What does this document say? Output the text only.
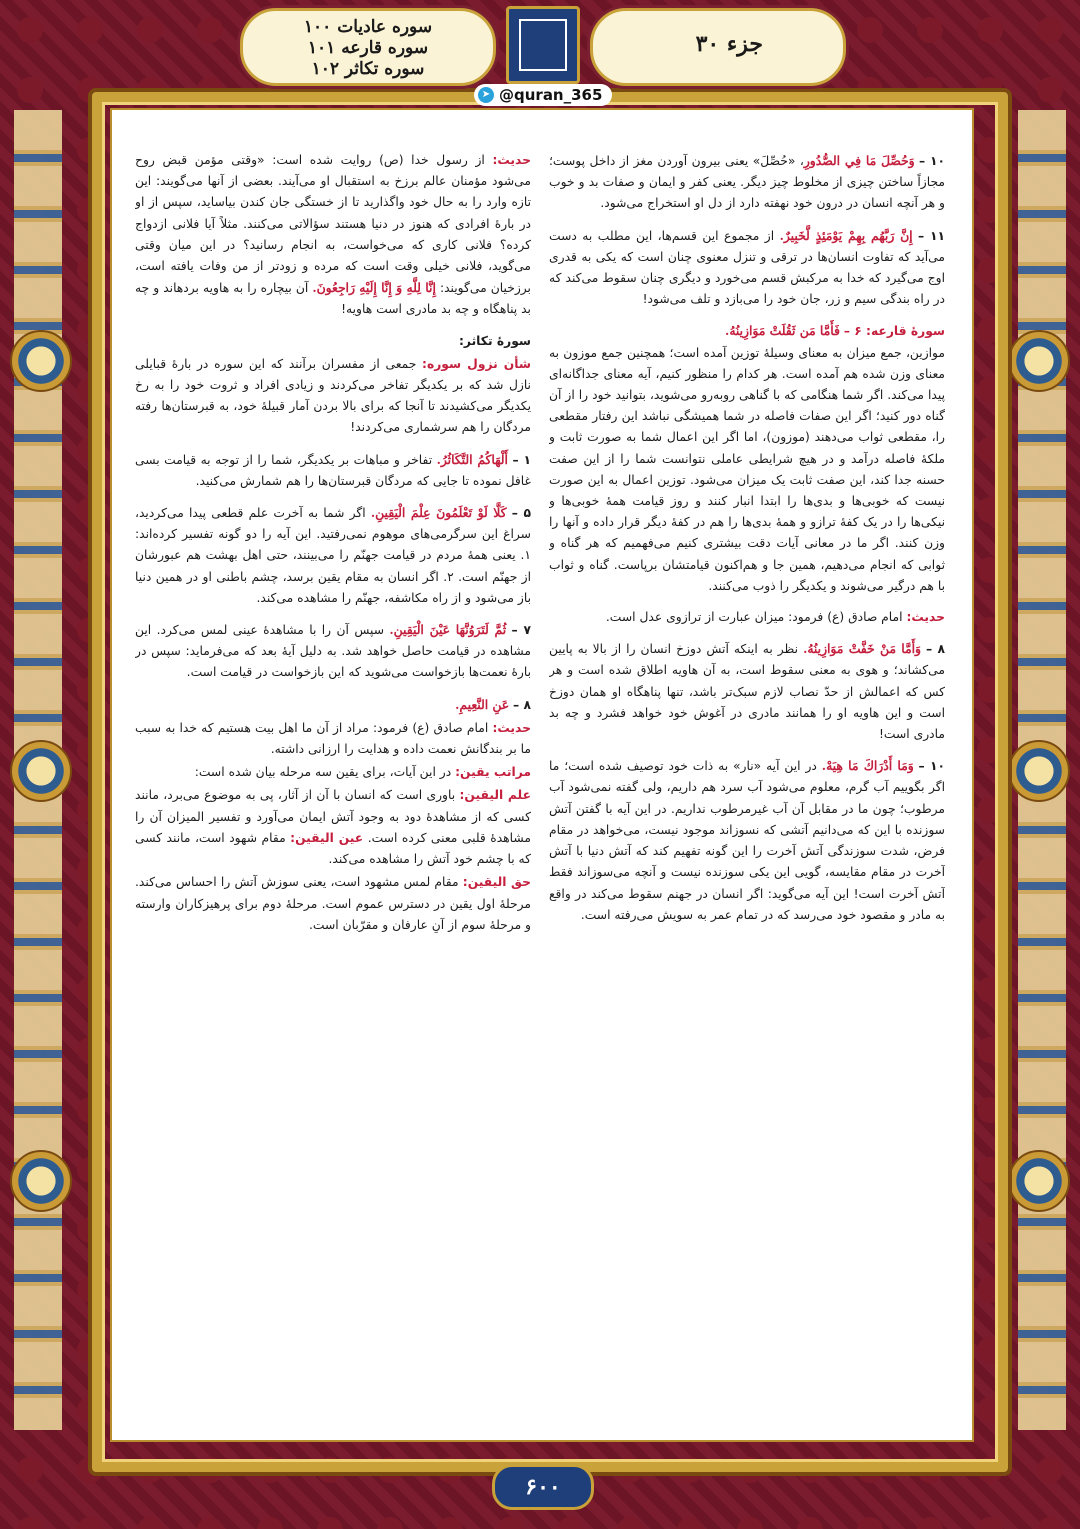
سوره عادیات ۱۰۰
سوره قارعه ۱۰۱
سوره تکاثر ۱۰۲
جزء ۳۰
➤ @quran_365

۱۰ – وَحُصِّلَ مَا فِي الصُّدُورِ، «حُصِّلَ» یعنی بیرون آوردن مغز از داخل پوست؛ مجازاً ساختن چیزی از مخلوط چیز دیگر. یعنی کفر و ایمان و صفات بد و خوب و هر آنچه انسان در درون خود نهفته دارد از دل او استخراج می‌شود.

۱۱ – إِنَّ رَبَّهُم بِهِمْ يَوْمَئِذٍ لَّخَبِيرٌ. از مجموع این قسم‌ها، این مطلب به دست می‌آید که تفاوت انسان‌ها در ترقی و تنزل معنوی چنان است که یکی به قدری اوج می‌گیرد که خدا به مرکبش قسم می‌خورد و دیگری چنان سقوط می‌کند که در راه بندگی سیم و زر، جان خود را می‌بازد و تلف می‌شود!

سورهٔ قارعه: ۶ – فَأَمَّا مَن ثَقُلَتْ مَوَازِينُهُ.
موازین، جمع میزان به معنای وسیلهٔ توزین آمده است؛ همچنین جمع موزون به معنای وزن شده هم آمده است. هر کدام را منظور کنیم، آیه معنای جداگانه‌ای پیدا می‌کند. اگر شما هنگامی که با گناهی روبه‌رو می‌شوید، بتوانید خود را از آن گناه دور کنید؛ اگر این صفات فاصله در شما همیشگی نباشد این رفتار مقطعی را، مقطعی ثواب می‌دهند (موزون)، اما اگر این اعمال شما به صورت ثابت و ملکهٔ فاصله درآمد و در هیچ شرایطی عاملی نتوانست شما را از این صفت حسنه جدا کند، این صفت ثابت یک میزان می‌شود. توزین اعمال به این صورت نیست که خوبی‌ها و بدی‌ها را ابتدا انبار کنند و روز قیامت همهٔ خوبی‌ها و نیکی‌ها را در یک کفهٔ ترازو و همهٔ بدی‌ها را هم در کفهٔ دیگر قرار داده و آنها را وزن کنند. اگر ما در معانی آیات دقت بیشتری کنیم می‌فهمیم که هر گناه و ثوابی که انجام می‌دهیم، همین جا و هم‌اکنون قیامتشان برپاست. گناه و ثواب با هم درگیر می‌شوند و یکدیگر را ذوب می‌کنند.

حدیث: امام صادق (ع) فرمود: میزان عبارت از ترازوی عدل است.

۸ – وَأَمَّا مَنْ خَفَّتْ مَوَازِينُهُ. نظر به اینکه آتش دوزخ انسان را از بالا به پایین می‌کشاند؛ و هوی به معنی سقوط است، به آن هاویه اطلاق شده است و هر کس که اعمالش از حدّ نصاب لازم سبک‌تر باشد، تنها پناهگاه او همان دوزخ است و این هاویه او را همانند مادری در آغوش خود خواهد فشرد و چه بد مادری است!

۱۰ – وَمَا أَدْرَاكَ مَا هِيَهْ. در این آیه «نار» به ذات خود توصیف شده است؛ ما اگر بگوییم آب گرم، معلوم می‌شود آب سرد هم داریم، ولی گفته نمی‌شود آب مرطوب؛ چون ما در مقابل آن آب غیرمرطوب نداریم. در این آیه با گفتن آتش سوزنده با این که می‌دانیم آتشی که نسوزاند موجود نیست، می‌خواهد در مقام فرض، شدت سوزندگی آتش آخرت را این گونه تفهیم کند که آتش دنیا با آتش آخرت در مقام مقایسه، گویی این یکی سوزنده نیست و آنچه می‌سوزاند فقط آتش آخرت است! این آیه می‌گوید: اگر انسان در جهنم سقوط می‌کند در واقع به مادر و مقصود خود می‌رسد که در تمام عمر به سویش می‌رفته است.

حدیث: از رسول خدا (ص) روایت شده است: «وقتی مؤمن قبض روح می‌شود مؤمنان عالم برزخ به استقبال او می‌آیند. بعضی از آنها می‌گویند: این تازه وارد را به حال خود واگذارید تا از خستگی جان کندن بیاساید، سپس از او در بارهٔ افرادی که هنوز در دنیا هستند سؤالاتی می‌کنند. مثلاً آیا فلانی ازدواج کرده؟ فلانی کاری که می‌خواست، به انجام رسانید؟ در این میان وقتی می‌گوید، فلانی خیلی وقت است که مرده و زودتر از من وفات یافته است، برزخیان می‌گویند: إِنَّا لِلَّهِ وَ إِنَّا إِلَيْهِ رَاجِعُونَ. آن بیچاره را به هاویه بردهاند و چه بد پناهگاه و چه بد مادری است هاویه!

سورهٔ تکاثر:

شأن نزول سوره: جمعی از مفسران برآنند که این سوره در بارهٔ قبایلی نازل شد که بر یکدیگر تفاخر می‌کردند و زیادی افراد و ثروت خود را به رخ یکدیگر می‌کشیدند تا آنجا که برای بالا بردن آمار قبیلهٔ خود، به قبرستان‌ها رفته مردگان را هم سرشماری می‌کردند!

۱ – أَلْهَاكُمُ التَّكَاثُرُ. تفاخر و مباهات بر یکدیگر، شما را از توجه به قیامت بسی غافل نموده تا جایی که مردگان قبرستان‌ها را هم شمارش می‌کنید.

۵ – كَلَّا لَوْ تَعْلَمُونَ عِلْمَ الْيَقِينِ. اگر شما به آخرت علم قطعی پیدا می‌کردید، سراغ این سرگرمی‌های موهوم نمی‌رفتید. این آیه را دو گونه تفسیر کرده‌اند: ۱. یعنی همهٔ مردم در قیامت جهنّم را می‌بینند، حتی اهل بهشت هم عبورشان از جهنّم است. ۲. اگر انسان به مقام یقین برسد، چشم باطنی او در همین دنیا باز می‌شود و از راه مکاشفه، جهنّم را مشاهده می‌کند.

۷ – ثُمَّ لَتَرَوُنَّهَا عَيْنَ الْيَقِينِ. سپس آن را با مشاهدهٔ عینی لمس می‌کرد. این مشاهده در قیامت حاصل خواهد شد. به دلیل آیهٔ بعد که می‌فرماید: سپس در بارهٔ نعمت‌ها بازخواست می‌شوید که این بازخواست در قیامت است.

۸ – عَنِ النَّعِيمِ.

حدیث: امام صادق (ع) فرمود: مراد از آن ما اهل بیت هستیم که خدا به سبب ما بر بندگانش نعمت داده و هدایت را ارزانی داشته.

مراتب یقین: در این آیات، برای یقین سه مرحله بیان شده است:

علم الیقین: باوری است که انسان با آن از آثار، پی به موضوع می‌برد، مانند کسی که از مشاهدهٔ دود به وجود آتش ایمان می‌آورد و تفسیر المیزان آن را مشاهدهٔ قلبی معنی کرده است. عین الیقین: مقام شهود است، مانند کسی که با چشم خود آتش را مشاهده می‌کند.

حق الیقین: مقام لمس مشهود است، یعنی سوزش آتش را احساس می‌کند. مرحلهٔ اول یقین در دسترس عموم است. مرحلهٔ دوم برای پرهیزکاران وارسته و مرحلهٔ سوم از آنِ عارفان و مقرّبان است.

۶۰۰
